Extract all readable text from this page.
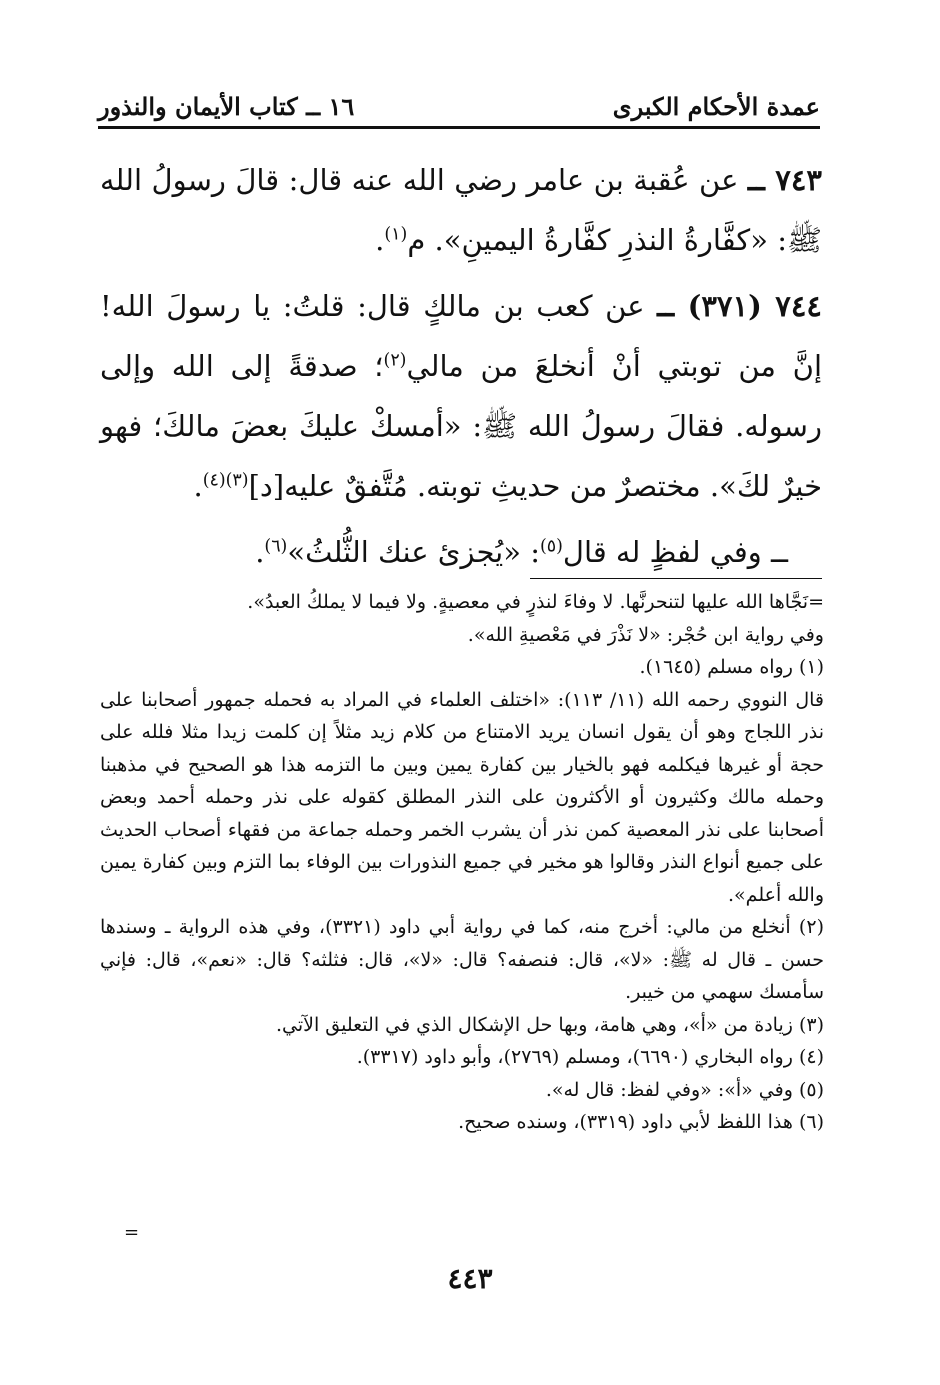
عمدة الأحكام الكبرى
١٦ ــ كتاب الأيمان والنذور

٧٤٣ ــ عن عُقبة بن عامر رضي الله عنه قال: قالَ رسولُ الله ﷺ: «كفَّارةُ النذرِ كفَّارةُ اليمينِ». م$^{(١)}$.

٧٤٤ (٣٧١) ــ عن كعب بن مالكٍ قال: قلتُ: يا رسولَ الله! إنَّ من توبتي أنْ أنخلعَ من مالي$^{(٢)}$؛ صدقةً إلى الله وإلى رسوله. فقالَ رسولُ الله ﷺ: «أمسكْ عليكَ بعضَ مالكَ؛ فهو خيرٌ لكَ». مختصرٌ من حديثِ توبته. مُتَّفقٌ عليه[د]$^{(٣)(٤)}$.

ــ وفي لفظٍ له قال$^{(٥)}$: «يُجزئ عنك الثُّلثُ»$^{(٦)}$.

=نَجَّاها الله عليها لتنحرنَّها. لا وفاءَ لنذرٍ في معصيةٍ. ولا فيما لا يملكُ العبدُ».

وفي رواية ابن حُجْر: «لا نَذْرَ في مَعْصيةِ الله».

(١) رواه مسلم (١٦٤٥).

قال النووي رحمه الله (١١/ ١١٣): «اختلف العلماء في المراد به فحمله جمهور أصحابنا على نذر اللجاج وهو أن يقول انسان يريد الامتناع من كلام زيد مثلاً إن كلمت زيدا مثلا فلله على حجة أو غيرها فيكلمه فهو بالخيار بين كفارة يمين وبين ما التزمه هذا هو الصحيح في مذهبنا وحمله مالك وكثيرون أو الأكثرون على النذر المطلق كقوله على نذر وحمله أحمد وبعض أصحابنا على نذر المعصية كمن نذر أن يشرب الخمر وحمله جماعة من فقهاء أصحاب الحديث على جميع أنواع النذر وقالوا هو مخير في جميع النذورات بين الوفاء بما التزم وبين كفارة يمين والله أعلم».

(٢) أنخلع من مالي: أخرج منه، كما في رواية أبي داود (٣٣٢١)، وفي هذه الرواية ـ وسندها حسن ـ قال له ﷺ: «لا»، قال: فنصفه؟ قال: «لا»، قال: فثلثه؟ قال: «نعم»، قال: فإني سأمسك سهمي من خيبر.

(٣) زيادة من «أ»، وهي هامة، وبها حل الإشكال الذي في التعليق الآتي.

(٤) رواه البخاري (٦٦٩٠)، ومسلم (٢٧٦٩)، وأبو داود (٣٣١٧).

(٥) وفي «أ»: «وفي لفظ: قال له».

(٦) هذا اللفظ لأبي داود (٣٣١٩)، وسنده صحيح.

=
٤٤٣
